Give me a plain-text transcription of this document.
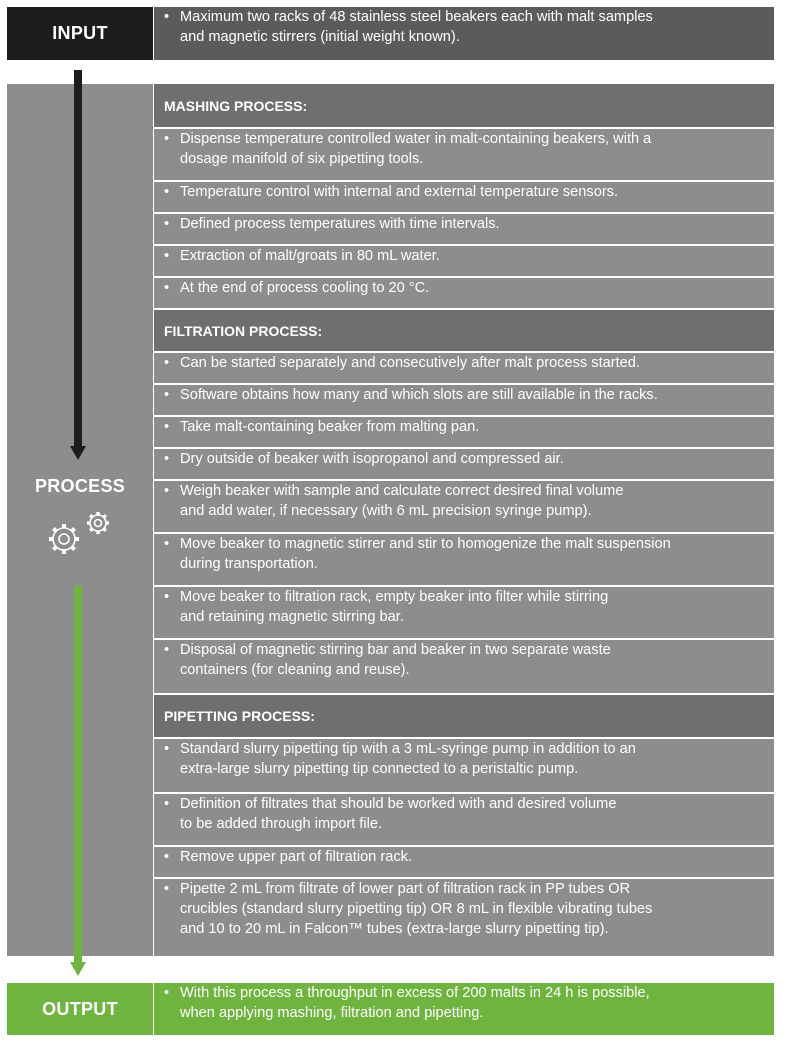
INPUT
• Maximum two racks of 48 stainless steel beakers each with malt samples
and magnetic stirrers (initial weight known).
PROCESS
MASHING PROCESS:
• Dispense temperature controlled water in malt-containing beakers, with a
dosage manifold of six pipetting tools.
• Temperature control with internal and external temperature sensors.
• Defined process temperatures with time intervals.
• Extraction of malt/groats in 80 mL water.
• At the end of process cooling to 20 °C.
FILTRATION PROCESS:
• Can be started separately and consecutively after malt process started.
• Software obtains how many and which slots are still available in the racks.
• Take malt-containing beaker from malting pan.
• Dry outside of beaker with isopropanol and compressed air.
• Weigh beaker with sample and calculate correct desired final volume
and add water, if necessary (with 6 mL precision syringe pump).
• Move beaker to magnetic stirrer and stir to homogenize the malt suspension
during transportation.
• Move beaker to filtration rack, empty beaker into filter while stirring
and retaining magnetic stirring bar.
• Disposal of magnetic stirring bar and beaker in two separate waste
containers (for cleaning and reuse).
PIPETTING PROCESS:
• Standard slurry pipetting tip with a 3 mL-syringe pump in addition to an
extra-large slurry pipetting tip connected to a peristaltic pump.
• Definition of filtrates that should be worked with and desired volume
to be added through import file.
• Remove upper part of filtration rack.
• Pipette 2 mL from filtrate of lower part of filtration rack in PP tubes OR
crucibles (standard slurry pipetting tip) OR 8 mL in flexible vibrating tubes
and 10 to 20 mL in Falcon™ tubes (extra-large slurry pipetting tip).
OUTPUT
• With this process a throughput in excess of 200 malts in 24 h is possible,
when applying mashing, filtration and pipetting.
